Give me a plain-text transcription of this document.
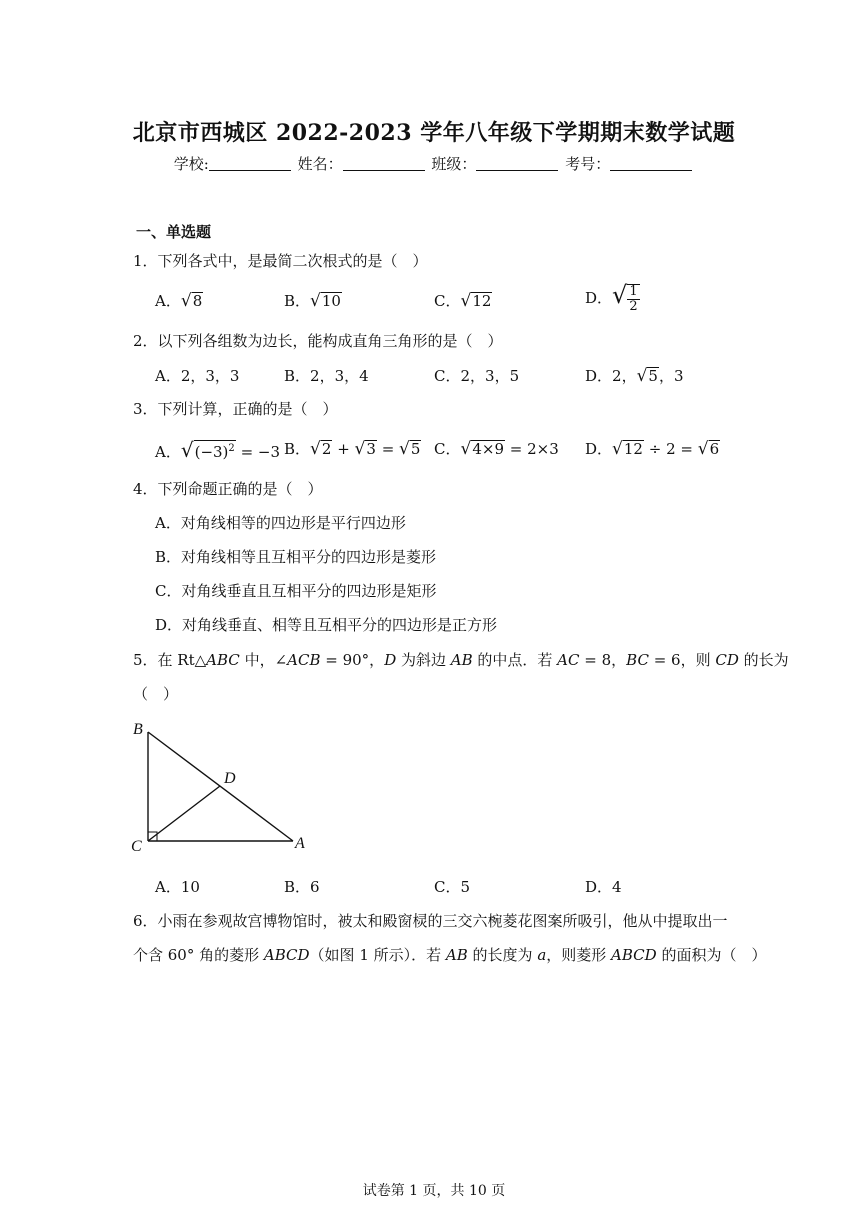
北京市西城区 2022-2023 学年八年级下学期期末数学试题
学校:	姓名：	班级：	考号：
一、单选题
1．下列各式中，是最简二次根式的是（　）
A．√8	B．√10	C．√12	D．√ $\frac{1}{2}$
2．以下列各组数为边长，能构成直角三角形的是（　）
A．2，3，3	B．2，3，4	C．2，3，5	D．2，√5，3
3．下列计算，正确的是（　）
A．$√(-3)^2 = -3$ B．√2 + √3 = √5 C．√4×9 = 2×3 D．√12 ÷ 2 = √6
4．下列命题正确的是（　）
A．对角线相等的四边形是平行四边形
B．对角线相等且互相平分的四边形是菱形
C．对角线垂直且互相平分的四边形是矩形
D．对角线垂直、相等且互相平分的四边形是正方形
5．在 Rt△ABC 中，∠ACB = 90°，D 为斜边 AB 的中点．若 AC = 8，BC = 6，则 CD 的长为
（　）
B
C	A
D
A．10	B．6	C．5	D．4
6．小雨在参观故宫博物馆时，被太和殿窗棂的三交六椀菱花图案所吸引，他从中提取出一
个含 60° 角的菱形 ABCD（如图 1 所示）．若 AB 的长度为 a，则菱形 ABCD 的面积为（　）
试卷第 1 页，共 10 页
